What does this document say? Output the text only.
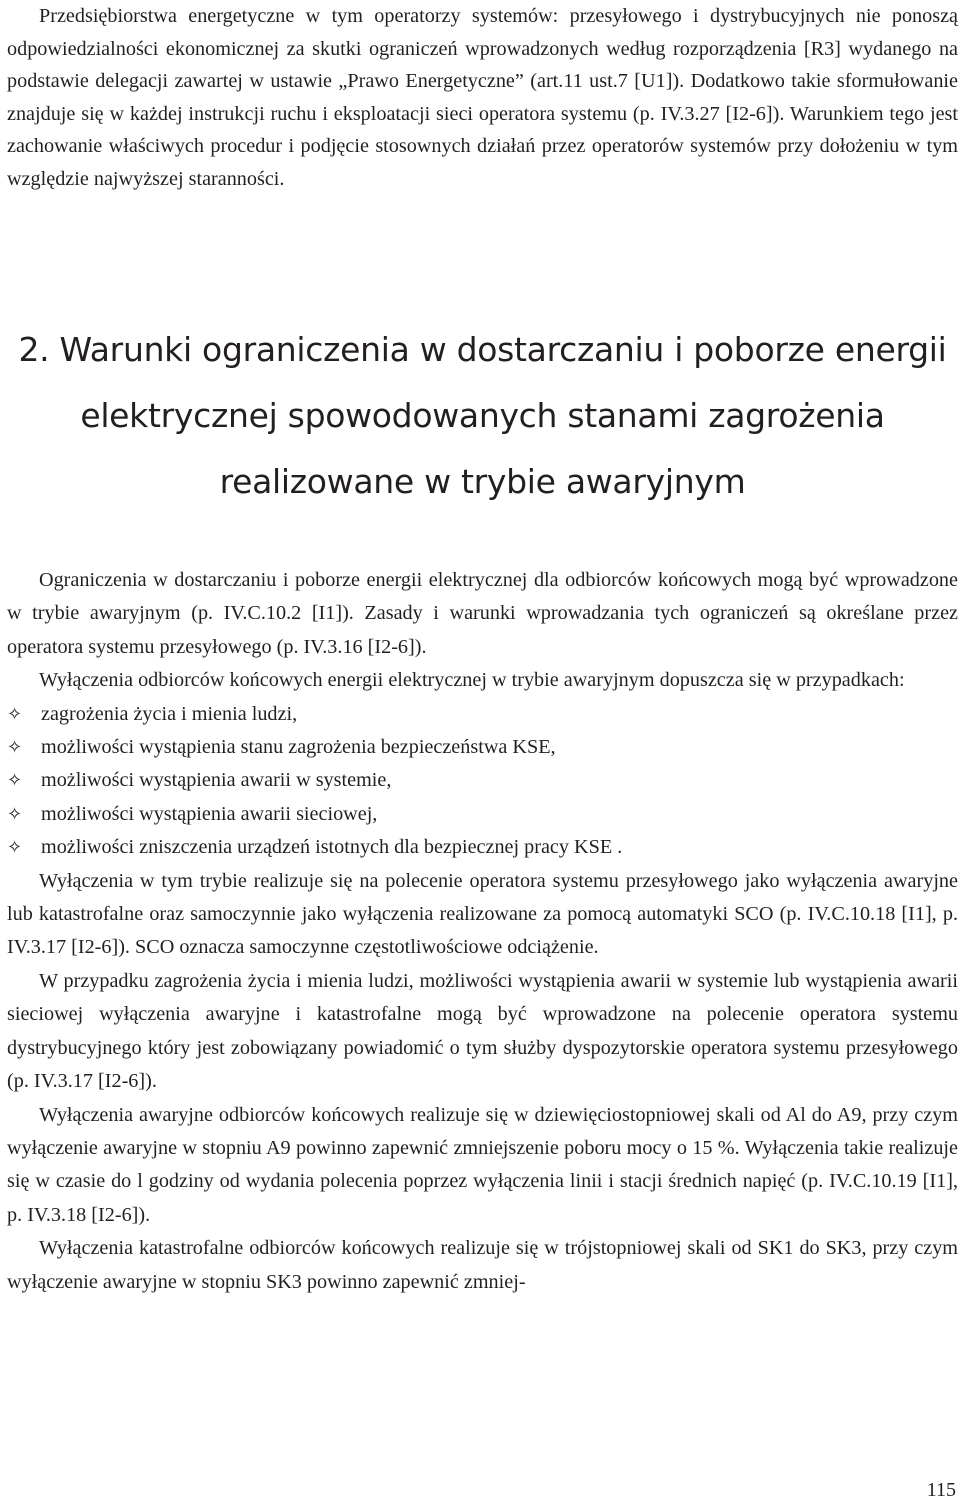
Przedsiębiorstwa energetyczne w tym operatorzy systemów: przesyłowego i dystrybucyjnych nie ponoszą odpowiedzialności ekonomicznej za skutki ograniczeń wprowadzonych według rozporządzenia [R3] wydanego na podstawie delegacji zawartej w ustawie „Prawo Energetyczne” (art.11 ust.7 [U1]). Dodatkowo takie sformułowanie znajduje się w każdej instrukcji ruchu i eksploatacji sieci operatora systemu (p. IV.3.27 [I2-6]). Warunkiem tego jest zachowanie właściwych procedur i podjęcie stosownych działań przez operatorów systemów przy dołożeniu w tym względzie najwyższej staranności.

2. Warunki ograniczenia w dostarczaniu i poborze energii
elektrycznej spowodowanych stanami zagrożenia
realizowane w trybie awaryjnym

Ograniczenia w dostarczaniu i poborze energii elektrycznej dla odbiorców końcowych mogą być wprowadzone w trybie awaryjnym (p. IV.C.10.2 [I1]). Zasady i warunki wprowadzania tych ograniczeń są określane przez operatora systemu przesyłowego (p. IV.3.16 [I2-6]).

Wyłączenia odbiorców końcowych energii elektrycznej w trybie awaryjnym dopuszcza się w przypadkach:

✧ zagrożenia życia i mienia ludzi,
✧ możliwości wystąpienia stanu zagrożenia bezpieczeństwa KSE,
✧ możliwości wystąpienia awarii w systemie,
✧ możliwości wystąpienia awarii sieciowej,
✧ możliwości zniszczenia urządzeń istotnych dla bezpiecznej pracy KSE .

Wyłączenia w tym trybie realizuje się na polecenie operatora systemu przesyłowego jako wyłączenia awaryjne lub katastrofalne oraz samoczynnie jako wyłączenia realizowane za pomocą automatyki SCO (p. IV.C.10.18 [I1], p. IV.3.17 [I2-6]). SCO oznacza samoczynne częstotliwościowe odciążenie.

W przypadku zagrożenia życia i mienia ludzi, możliwości wystąpienia awarii w systemie lub wystąpienia awarii sieciowej wyłączenia awaryjne i katastrofalne mogą być wprowadzone na polecenie operatora systemu dystrybucyjnego który jest zobowiązany powiadomić o tym służby dyspozytorskie operatora systemu przesyłowego (p. IV.3.17 [I2-6]).

Wyłączenia awaryjne odbiorców końcowych realizuje się w dziewięciostopniowej skali od Al do A9, przy czym wyłączenie awaryjne w stopniu A9 powinno zapewnić zmniejszenie poboru mocy o 15 %. Wyłączenia takie realizuje się w czasie do l godziny od wydania polecenia poprzez wyłączenia linii i stacji średnich napięć (p. IV.C.10.19 [I1], p. IV.3.18 [I2-6]).

Wyłączenia katastrofalne odbiorców końcowych realizuje się w trójstopniowej skali od SK1 do SK3, przy czym wyłączenie awaryjne w stopniu SK3 powinno zapewnić zmniej-

115
